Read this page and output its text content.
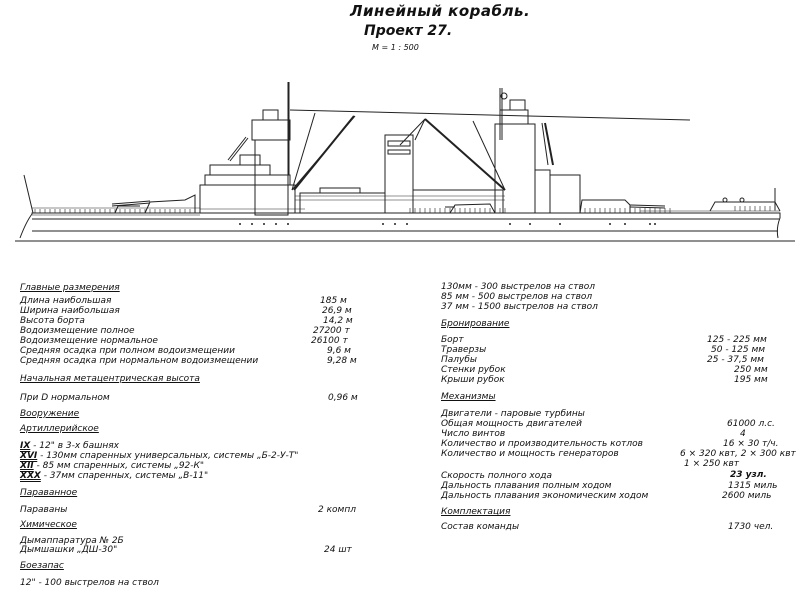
Линейный корабль.
Проект 27.
М = 1 : 500
Главные размерения
Длина наибольшая	185 м
Ширина наибольшая	26,9 м
Высота борта	14,2 м
Водоизмещение полное	27200 т
Водоизмещение нормальное	26100 т
Средняя осадка при полном водоизмещении	9,6 м
Средняя осадка при нормальном водоизмещении	9,28 м
Начальная метацентрическая высота
При D нормальном	0,96 м
Вооружение
Артиллерийское
IX - 12" в 3-х башнях
XVI - 130мм спаренных универсальных, системы „Б-2-У-Т"
XII - 85 мм спаренных, системы „92-К"
XXX - 37мм спаренных, системы „В-11"
Параванное
Параваны	2 компл
Химическое
Дымаппаратура № 2Б
Дымшашки „ДШ-30"	24 шт
Боезапас
12" - 100 выстрелов на ствол
130мм - 300 выстрелов на ствол
85 мм - 500 выстрелов на ствол
37 мм - 1500 выстрелов на ствол
Бронирование
Борт	125 - 225 мм
Траверзы	50 - 125 мм
Палубы	25 - 37,5 мм
Стенки рубок	250 мм
Крыши рубок	195 мм
Механизмы
Двигатели - паровые турбины
Общая мощность двигателей	61000 л.с.
Число винтов	4
Количество и производительность котлов	16 × 30 т/ч.
Количество и мощность генераторов	6 × 320 квт, 2 × 300 квт
1 × 250 квт
Скорость полного хода	23 узл.
Дальность плавания полным ходом	1315 миль
Дальность плавания экономическим ходом	2600 миль
Комплектация
Состав команды	1730 чел.
